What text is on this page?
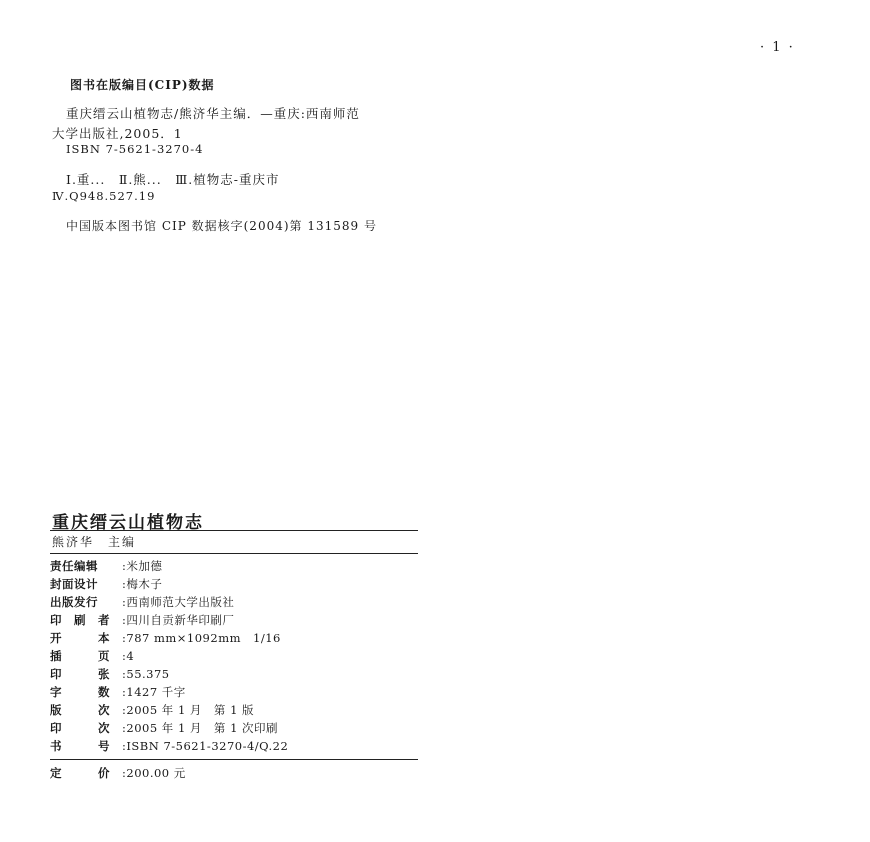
· 1 ·
图书在版编目(CIP)数据
重庆缙云山植物志/熊济华主编．—重庆:西南师范
大学出版社,2005．1
ISBN 7-5621-3270-4
Ⅰ.重...　Ⅱ.熊...　Ⅲ.植物志-重庆市
Ⅳ.Q948.527.19
中国版本图书馆 CIP 数据核字(2004)第 131589 号
重庆缙云山植物志
熊济华　主编
责任编辑 :米加德
封面设计 :梅木子
出版发行 :西南师范大学出版社
印　刷　者 :四川自贡新华印刷厂
开	本 :787 mm×1092mm　1/16
插	页 :4
印	张 :55.375
字	数 :1427 千字
版	次 :2005 年 1 月　第 1 版
印	次 :2005 年 1 月　第 1 次印刷
书	号 :ISBN 7-5621-3270-4/Q.22
定	价 :200.00 元
